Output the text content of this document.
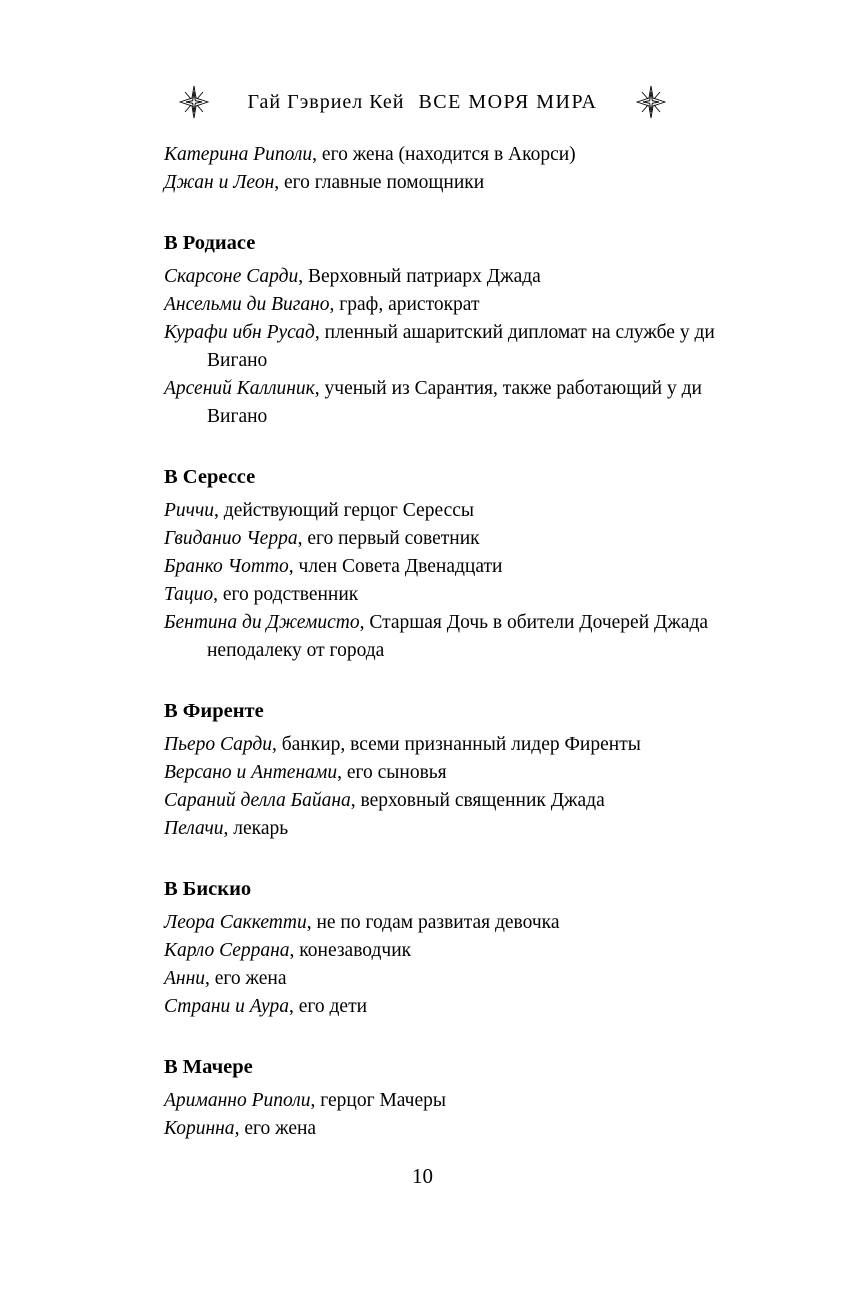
Гай Гэвриел Кей ВСЕ МОРЯ МИРА
Катерина Риполи, его жена (находится в Акорси)
Джан и Леон, его главные помощники
В Родиасе
Скарсоне Сарди, Верховный патриарх Джада
Ансельми ди Вигано, граф, аристократ
Курафи ибн Русад, пленный ашаритский дипломат на службе у ди Вигано
Арсений Каллиник, ученый из Сарантия, также работающий у ди Вигано
В Серессе
Риччи, действующий герцог Серессы
Гвиданио Черра, его первый советник
Бранко Чотто, член Совета Двенадцати
Тацио, его родственник
Бентина ди Джемисто, Старшая Дочь в обители Дочерей Джада неподалеку от города
В Фиренте
Пьеро Сарди, банкир, всеми признанный лидер Фиренты
Версано и Антенами, его сыновья
Сараний делла Байана, верховный священник Джада
Пелачи, лекарь
В Бискио
Леора Саккетти, не по годам развитая девочка
Карло Серрана, конезаводчик
Анни, его жена
Страни и Аура, его дети
В Мачере
Ариманно Риполи, герцог Мачеры
Коринна, его жена
10
